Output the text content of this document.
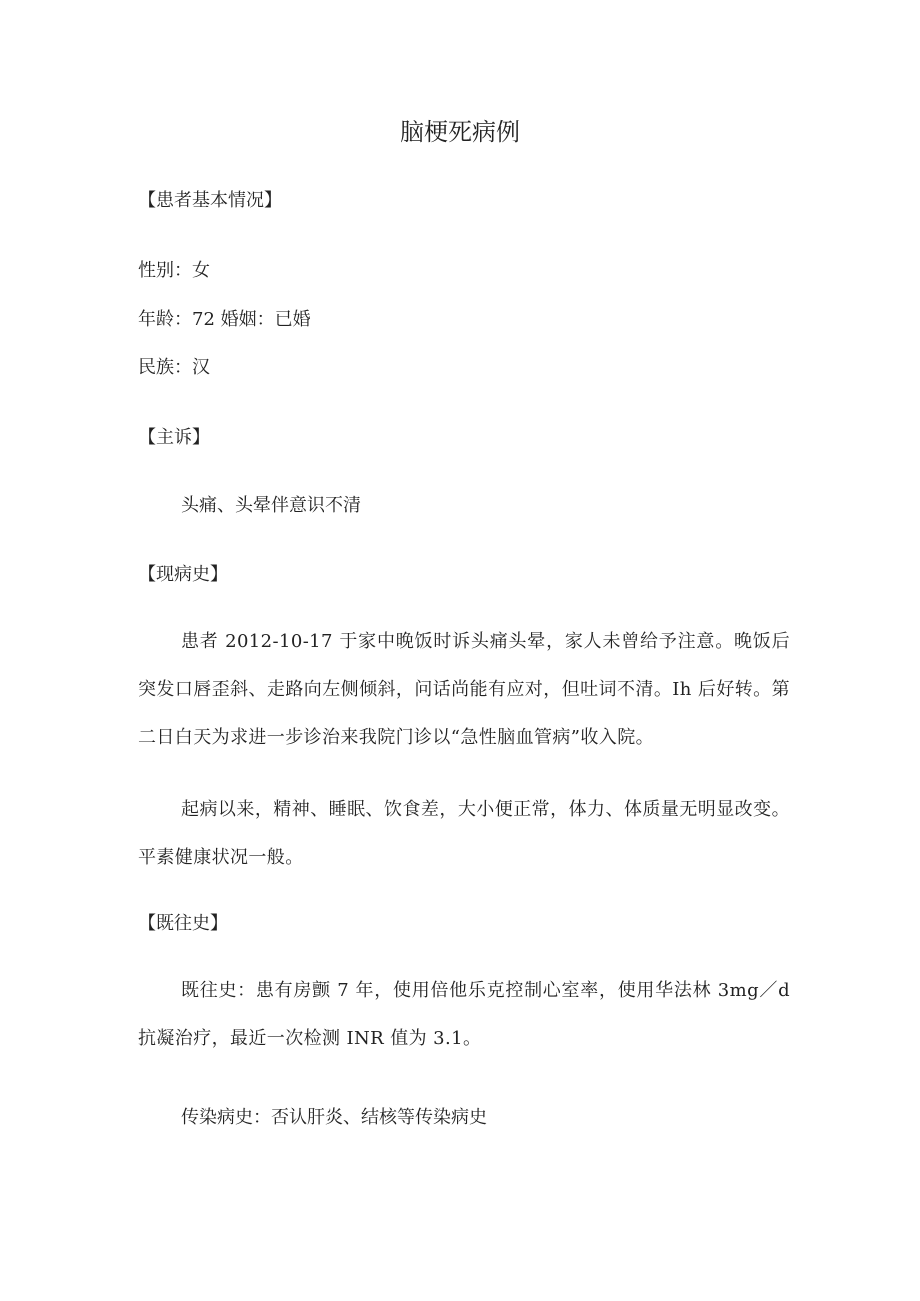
脑梗死病例

【患者基本情况】

性别：女

年龄：72 婚姻：已婚

民族：汉

【主诉】

头痛、头晕伴意识不清

【现病史】

患者 2012-10-17 于家中晚饭时诉头痛头晕，家人未曾给予注意。晚饭后突发口唇歪斜、走路向左侧倾斜，问话尚能有应对，但吐词不清。Ih 后好转。第二日白天为求进一步诊治来我院门诊以“急性脑血管病”收入院。

起病以来，精神、睡眠、饮食差，大小便正常，体力、体质量无明显改变。平素健康状况一般。

【既往史】

既往史：患有房颤 7 年，使用倍他乐克控制心室率，使用华法林 3mg／d 抗凝治疗，最近一次检测 INR 值为 3.1。

传染病史：否认肝炎、结核等传染病史
